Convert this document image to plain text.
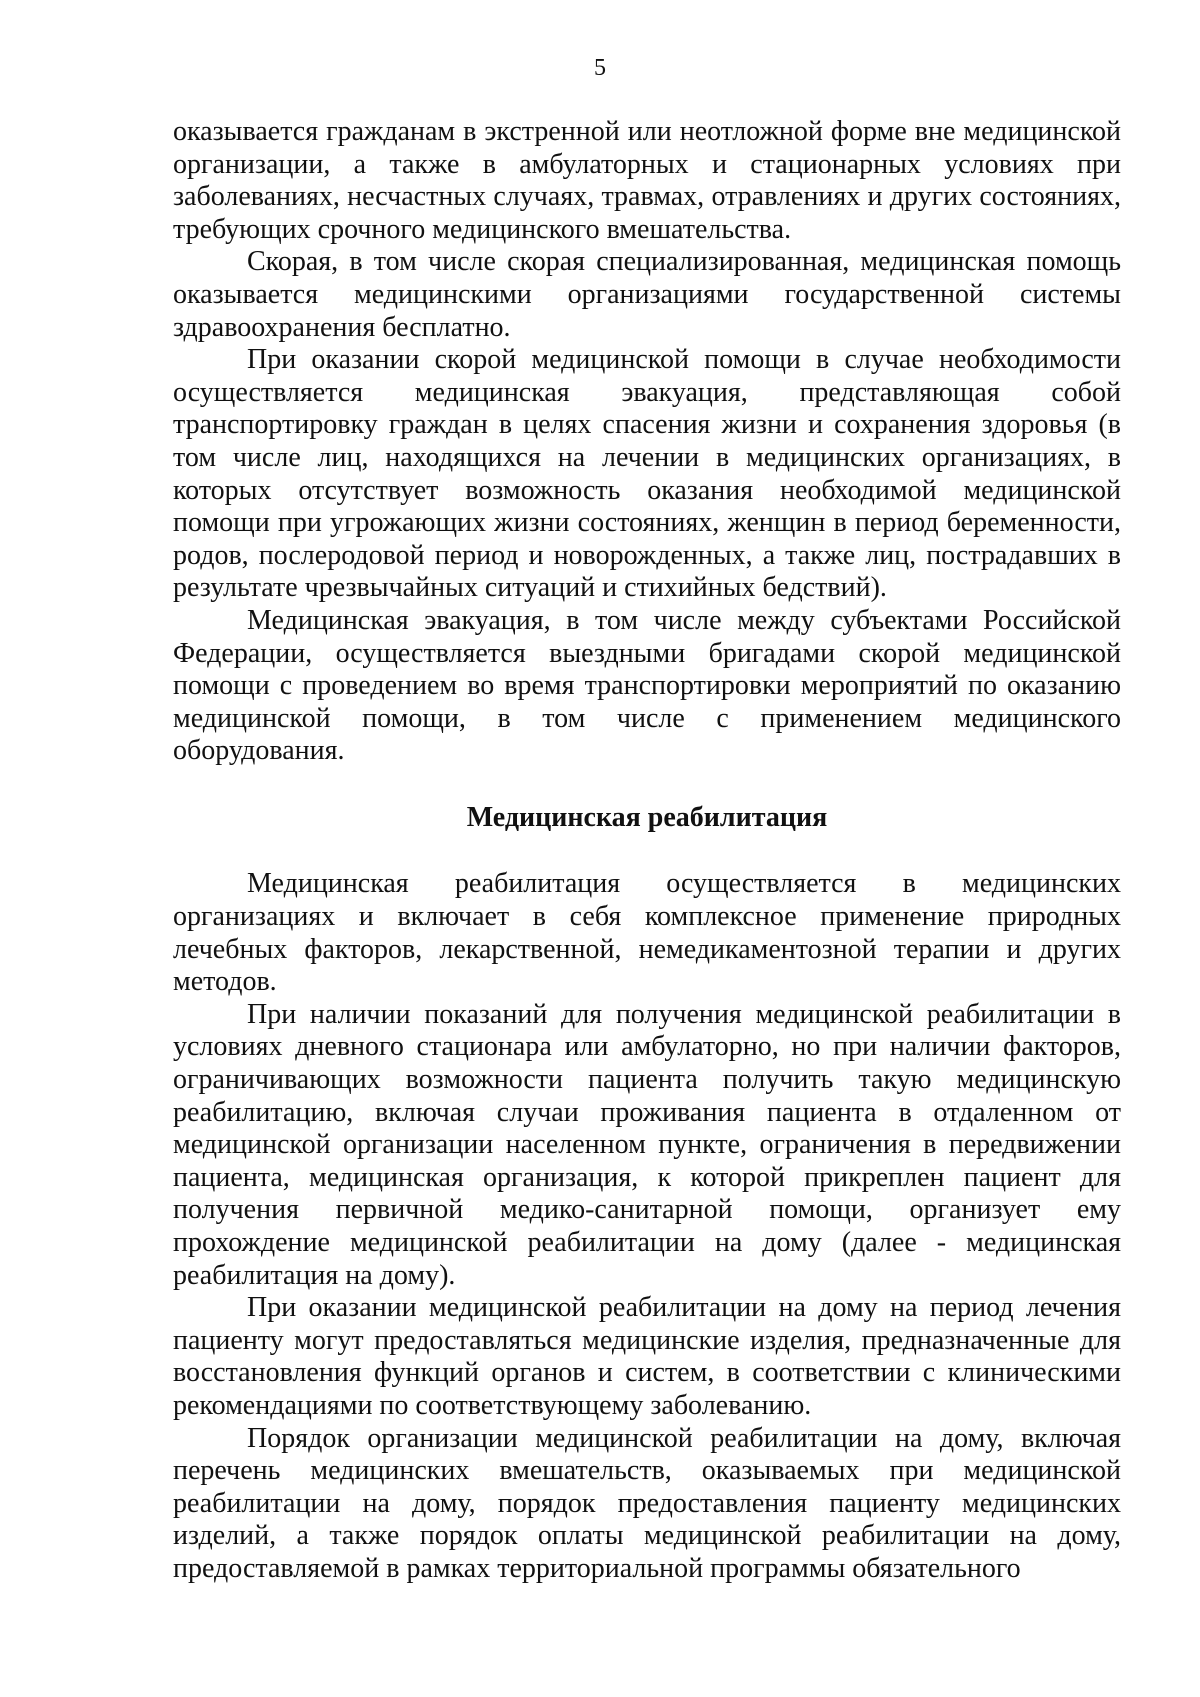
5

оказывается гражданам в экстренной или неотложной форме вне медицинской организации, а также в амбулаторных и стационарных условиях при заболеваниях, несчастных случаях, травмах, отравлениях и других состояниях, требующих срочного медицинского вмешательства.

Скорая, в том числе скорая специализированная, медицинская помощь оказывается медицинскими организациями государственной системы здравоохранения бесплатно.

При оказании скорой медицинской помощи в случае необходимости осуществляется медицинская эвакуация, представляющая собой транспортировку граждан в целях спасения жизни и сохранения здоровья (в том числе лиц, находящихся на лечении в медицинских организациях, в которых отсутствует возможность оказания необходимой медицинской помощи при угрожающих жизни состояниях, женщин в период беременности, родов, послеродовой период и новорожденных, а также лиц, пострадавших в результате чрезвычайных ситуаций и стихийных бедствий).

Медицинская эвакуация, в том числе между субъектами Российской Федерации, осуществляется выездными бригадами скорой медицинской помощи с проведением во время транспортировки мероприятий по оказанию медицинской помощи, в том числе с применением медицинского оборудования.

Медицинская реабилитация

Медицинская реабилитация осуществляется в медицинских организациях и включает в себя комплексное применение природных лечебных факторов, лекарственной, немедикаментозной терапии и других методов.

При наличии показаний для получения медицинской реабилитации в условиях дневного стационара или амбулаторно, но при наличии факторов, ограничивающих возможности пациента получить такую медицинскую реабилитацию, включая случаи проживания пациента в отдаленном от медицинской организации населенном пункте, ограничения в передвижении пациента, медицинская организация, к которой прикреплен пациент для получения первичной медико-санитарной помощи, организует ему прохождение медицинской реабилитации на дому (далее - медицинская реабилитация на дому).

При оказании медицинской реабилитации на дому на период лечения пациенту могут предоставляться медицинские изделия, предназначенные для восстановления функций органов и систем, в соответствии с клиническими рекомендациями по соответствующему заболеванию.

Порядок организации медицинской реабилитации на дому, включая перечень медицинских вмешательств, оказываемых при медицинской реабилитации на дому, порядок предоставления пациенту медицинских изделий, а также порядок оплаты медицинской реабилитации на дому, предоставляемой в рамках территориальной программы обязательного
